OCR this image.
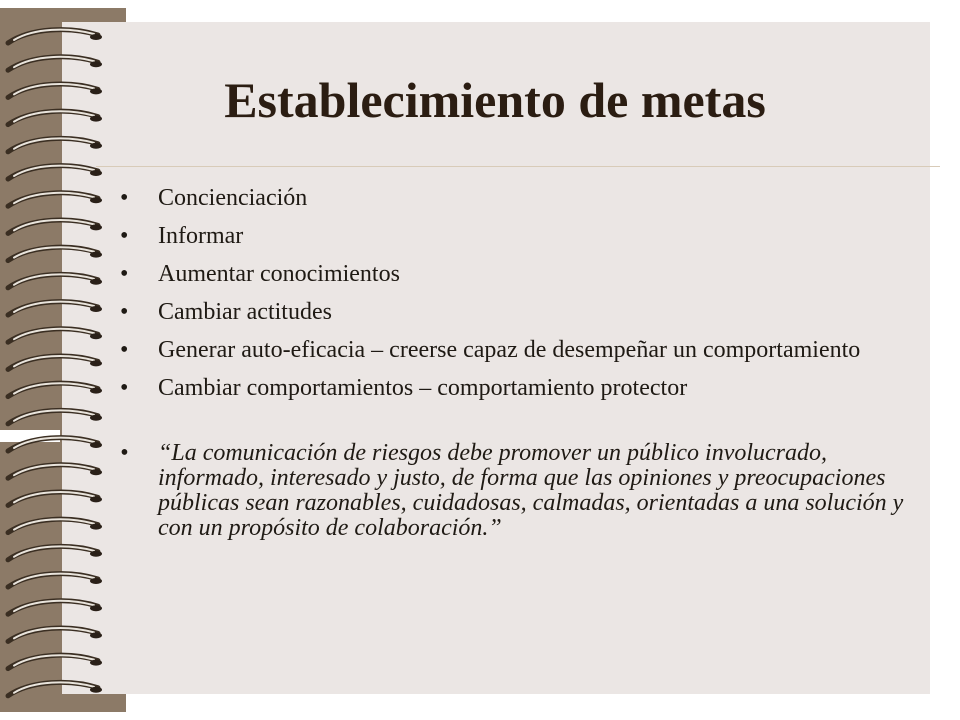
Establecimiento de metas
• Concienciación
• Informar
• Aumentar conocimientos
• Cambiar actitudes
• Generar auto-eficacia – creerse capaz de desempeñar un comportamiento
• Cambiar comportamientos – comportamiento protector
• “La comunicación de riesgos debe promover un público involucrado, informado, interesado y justo, de forma que las opiniones y preocupaciones públicas sean razonables, cuidadosas, calmadas, orientadas a una solución y con un propósito de colaboración.”
